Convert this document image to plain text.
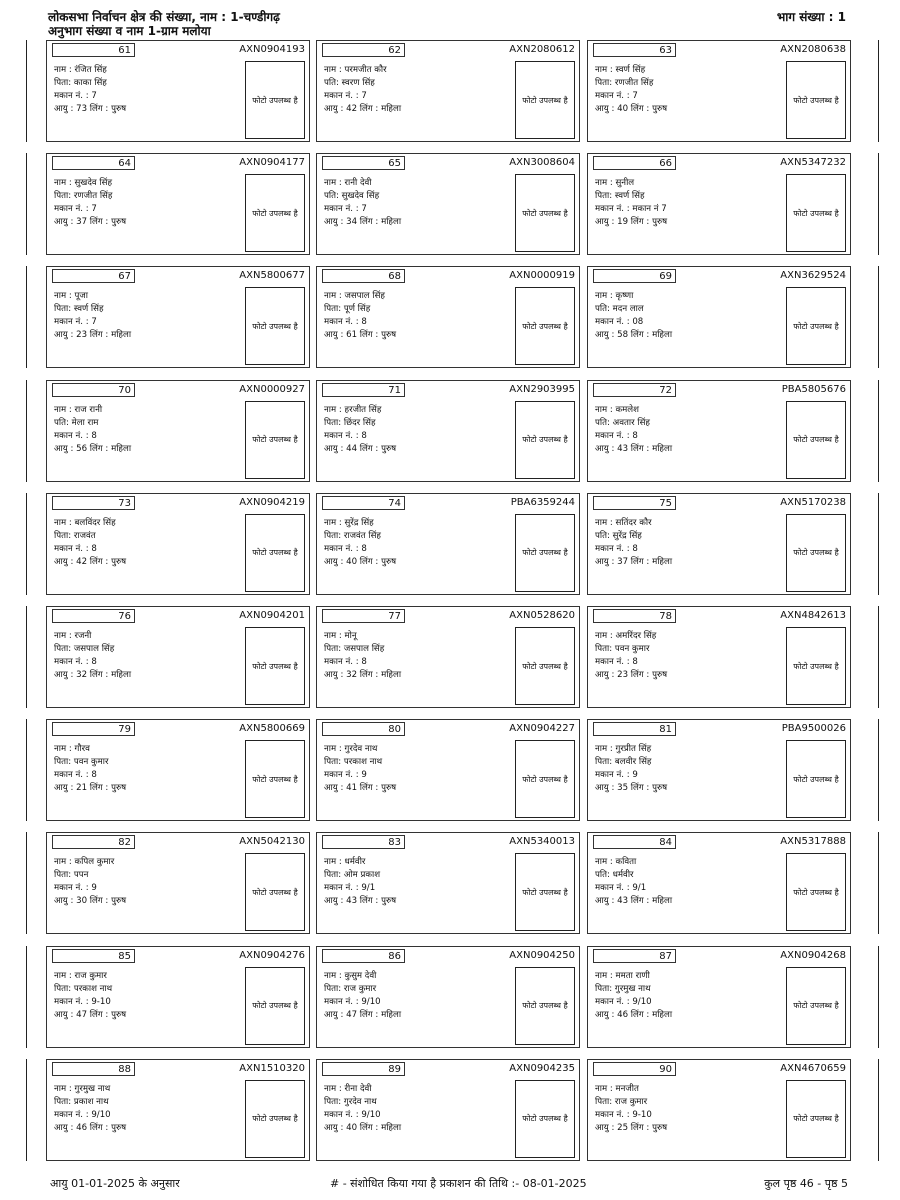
लोकसभा निर्वाचन क्षेत्र की संख्या, नाम : 1-चण्डीगढ़
अनुभाग संख्या व नाम 1-ग्राम मलोया
भाग संख्या : 1
61	AXN0904193
नाम : रंजित सिंह
पिता: काका सिंह
मकान नं. : 7
आयु : 73 लिंग : पुरुष
फोटो उपलब्ध है
62	AXN2080612
नाम : परमजीत कौर
पति: स्वरण सिंह
मकान नं. : 7
आयु : 42 लिंग : महिला
फोटो उपलब्ध है
63	AXN2080638
नाम : स्वर्ण सिंह
पिता: रणजीत सिंह
मकान नं. : 7
आयु : 40 लिंग : पुरुष
फोटो उपलब्ध है
64	AXN0904177
नाम : सुखदेव सिंह
पिता: रणजीत सिंह
मकान नं. : 7
आयु : 37 लिंग : पुरुष
फोटो उपलब्ध है
65	AXN3008604
नाम : रानी देवी
पति: सुखदेव सिंह
मकान नं. : 7
आयु : 34 लिंग : महिला
फोटो उपलब्ध है
66	AXN5347232
नाम : सुनील
पिता: स्वर्ण सिंह
मकान नं. : मकान नं 7
आयु : 19 लिंग : पुरुष
फोटो उपलब्ध है
67	AXN5800677
नाम : पूजा
पिता: स्वर्ण सिंह
मकान नं. : 7
आयु : 23 लिंग : महिला
फोटो उपलब्ध है
68	AXN0000919
नाम : जसपाल सिंह
पिता: पूर्ण सिंह
मकान नं. : 8
आयु : 61 लिंग : पुरुष
फोटो उपलब्ध है
69	AXN3629524
नाम : कृष्णा
पति: मदन लाल
मकान नं. : 08
आयु : 58 लिंग : महिला
फोटो उपलब्ध है
70	AXN0000927
नाम : राज रानी
पति: मेला राम
मकान नं. : 8
आयु : 56 लिंग : महिला
फोटो उपलब्ध है
71	AXN2903995
नाम : हरजीत सिंह
पिता: छिंदर सिंह
मकान नं. : 8
आयु : 44 लिंग : पुरुष
फोटो उपलब्ध है
72	PBA5805676
नाम : कमलेश
पति: अवतार सिंह
मकान नं. : 8
आयु : 43 लिंग : महिला
फोटो उपलब्ध है
73	AXN0904219
नाम : बलविंदर सिंह
पिता: राजवंत
मकान नं. : 8
आयु : 42 लिंग : पुरुष
फोटो उपलब्ध है
74	PBA6359244
नाम : सुरेंद्र सिंह
पिता: राजवंत सिंह
मकान नं. : 8
आयु : 40 लिंग : पुरुष
फोटो उपलब्ध है
75	AXN5170238
नाम : सतिंदर कौर
पति: सुरेंद्र सिंह
मकान नं. : 8
आयु : 37 लिंग : महिला
फोटो उपलब्ध है
76	AXN0904201
नाम : रजनी
पिता: जसपाल सिंह
मकान नं. : 8
आयु : 32 लिंग : महिला
फोटो उपलब्ध है
77	AXN0528620
नाम : मोनू
पिता: जसपाल सिंह
मकान नं. : 8
आयु : 32 लिंग : महिला
फोटो उपलब्ध है
78	AXN4842613
नाम : अमरिंदर सिंह
पिता: पवन कुमार
मकान नं. : 8
आयु : 23 लिंग : पुरुष
फोटो उपलब्ध है
79	AXN5800669
नाम : गौरव
पिता: पवन कुमार
मकान नं. : 8
आयु : 21 लिंग : पुरुष
फोटो उपलब्ध है
80	AXN0904227
नाम : गुरदेव नाथ
पिता: परकाश नाथ
मकान नं. : 9
आयु : 41 लिंग : पुरुष
फोटो उपलब्ध है
81	PBA9500026
नाम : गुरप्रीत सिंह
पिता: बलवीर सिंह
मकान नं. : 9
आयु : 35 लिंग : पुरुष
फोटो उपलब्ध है
82	AXN5042130
नाम : कपिल कुमार
पिता: पपन
मकान नं. : 9
आयु : 30 लिंग : पुरुष
फोटो उपलब्ध है
83	AXN5340013
नाम : धर्मवीर
पिता: ओम प्रकाश
मकान नं. : 9/1
आयु : 43 लिंग : पुरुष
फोटो उपलब्ध है
84	AXN5317888
नाम : कविता
पति: धर्मवीर
मकान नं. : 9/1
आयु : 43 लिंग : महिला
फोटो उपलब्ध है
85	AXN0904276
नाम : राज कुमार
पिता: परकाश नाथ
मकान नं. : 9-10
आयु : 47 लिंग : पुरुष
फोटो उपलब्ध है
86	AXN0904250
नाम : कुसुम देवी
पिता: राज कुमार
मकान नं. : 9/10
आयु : 47 लिंग : महिला
फोटो उपलब्ध है
87	AXN0904268
नाम : ममता राणी
पिता: गुरमुख नाथ
मकान नं. : 9/10
आयु : 46 लिंग : महिला
फोटो उपलब्ध है
88	AXN1510320
नाम : गुरमुख नाथ
पिता: प्रकाश नाथ
मकान नं. : 9/10
आयु : 46 लिंग : पुरुष
फोटो उपलब्ध है
89	AXN0904235
नाम : रीना देवी
पिता: गुरदेव नाथ
मकान नं. : 9/10
आयु : 40 लिंग : महिला
फोटो उपलब्ध है
90	AXN4670659
नाम : मनजीत
पिता: राज कुमार
मकान नं. : 9-10
आयु : 25 लिंग : पुरुष
फोटो उपलब्ध है
आयु 01-01-2025 के अनुसार	# - संशोधित किया गया है प्रकाशन की तिथि :- 08-01-2025	कुल पृष्ठ 46 - पृष्ठ 5
